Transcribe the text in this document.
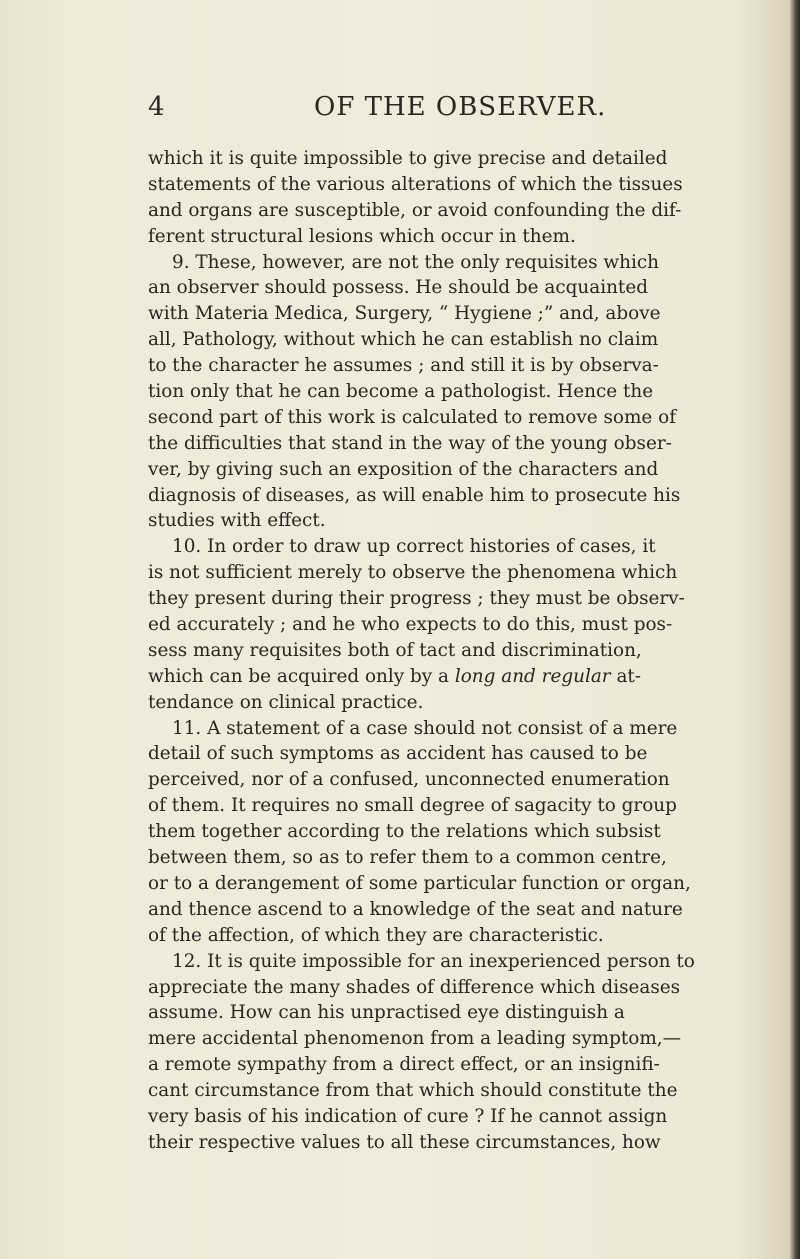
4	OF THE OBSERVER.
which it is quite impossible to give precise and detailed
statements of the various alterations of which the tissues
and organs are susceptible, or avoid confounding the dif-
ferent structural lesions which occur in them.
9. These, however, are not the only requisites which
an observer should possess. He should be acquainted
with Materia Medica, Surgery, “ Hygiene ;” and, above
all, Pathology, without which he can establish no claim
to the character he assumes ; and still it is by observa-
tion only that he can become a pathologist. Hence the
second part of this work is calculated to remove some of
the difficulties that stand in the way of the young obser-
ver, by giving such an exposition of the characters and
diagnosis of diseases, as will enable him to prosecute his
studies with effect.
10. In order to draw up correct histories of cases, it
is not sufficient merely to observe the phenomena which
they present during their progress ; they must be observ-
ed accurately ; and he who expects to do this, must pos-
sess many requisites both of tact and discrimination,
which can be acquired only by a long and regular at-
tendance on clinical practice.
11. A statement of a case should not consist of a mere
detail of such symptoms as accident has caused to be
perceived, nor of a confused, unconnected enumeration
of them. It requires no small degree of sagacity to group
them together according to the relations which subsist
between them, so as to refer them to a common centre,
or to a derangement of some particular function or organ,
and thence ascend to a knowledge of the seat and nature
of the affection, of which they are characteristic.
12. It is quite impossible for an inexperienced person to
appreciate the many shades of difference which diseases
assume. How can his unpractised eye distinguish a
mere accidental phenomenon from a leading symptom,—
a remote sympathy from a direct effect, or an insignifi-
cant circumstance from that which should constitute the
very basis of his indication of cure ? If he cannot assign
their respective values to all these circumstances, how
